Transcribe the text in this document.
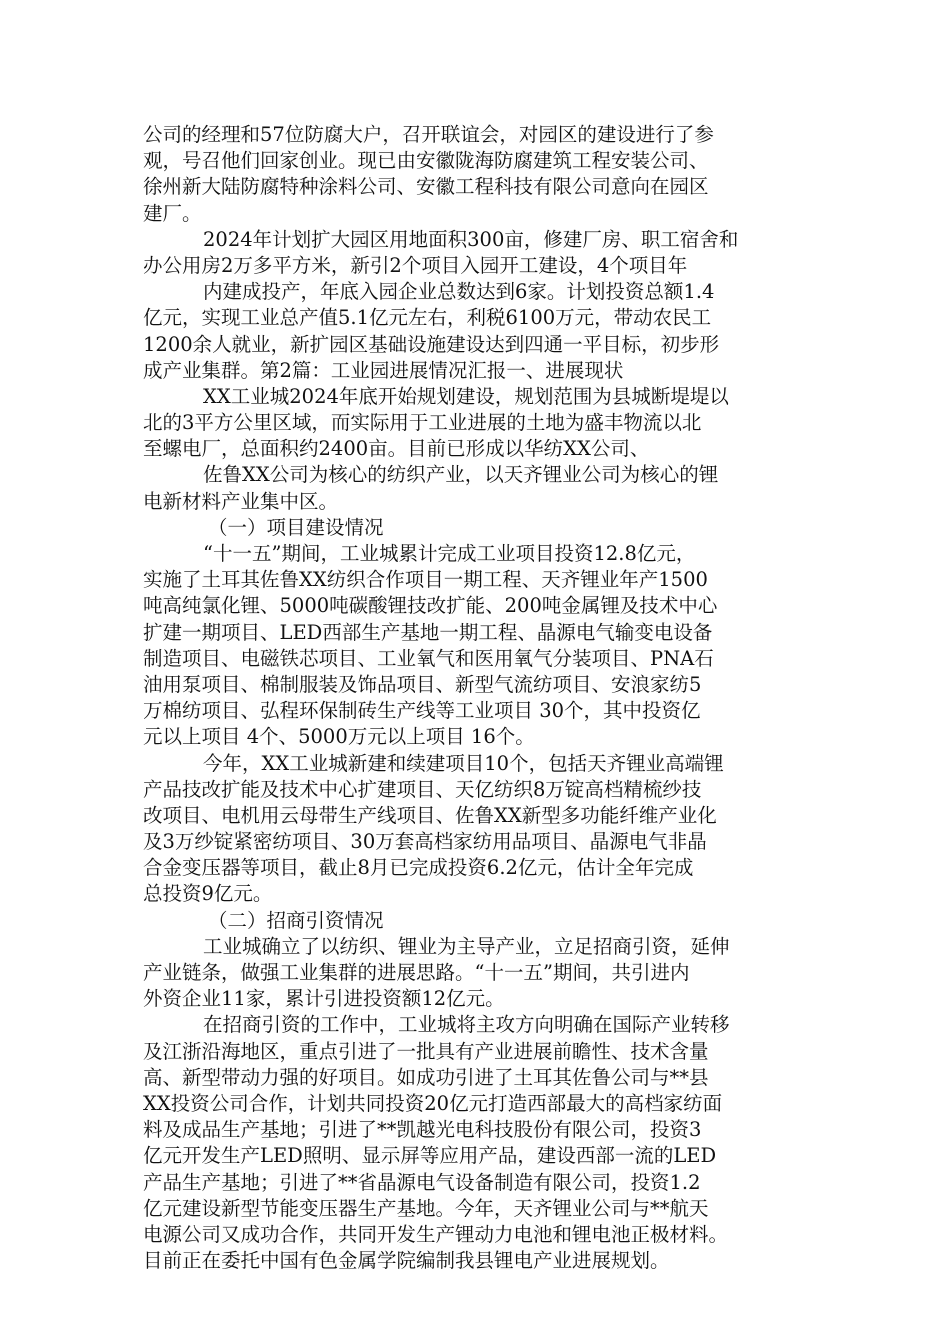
公司的经理和57位防腐大户，召开联谊会，对园区的建设进行了参
观，号召他们回家创业。现已由安徽陇海防腐建筑工程安装公司、
徐州新大陆防腐特种涂料公司、安徽工程科技有限公司意向在园区
建厂。
2024年计划扩大园区用地面积300亩，修建厂房、职工宿舍和
办公用房2万多平方米，新引2个项目入园开工建设，4个项目年
内建成投产，年底入园企业总数达到6家。计划投资总额1.4
亿元，实现工业总产值5.1亿元左右，利税6100万元，带动农民工
1200余人就业，新扩园区基础设施建设达到四通一平目标，初步形
成产业集群。第2篇：工业园进展情况汇报一、进展现状
XX工业城2024年底开始规划建设，规划范围为县城断堤堤以
北的3平方公里区域，而实际用于工业进展的土地为盛丰物流以北
至螺电厂，总面积约2400亩。目前已形成以华纺XX公司、
佐鲁XX公司为核心的纺织产业，以天齐锂业公司为核心的锂
电新材料产业集中区。
（一）项目建设情况
“十一五”期间，工业城累计完成工业项目投资12.8亿元，
实施了土耳其佐鲁XX纺织合作项目一期工程、天齐锂业年产1500
吨高纯氯化锂、5000吨碳酸锂技改扩能、200吨金属锂及技术中心
扩建一期项目、LED西部生产基地一期工程、晶源电气输变电设备
制造项目、电磁铁芯项目、工业氧气和医用氧气分装项目、PNA石
油用泵项目、棉制服装及饰品项目、新型气流纺项目、安浪家纺5
万棉纺项目、弘程环保制砖生产线等工业项目 30个，其中投资亿
元以上项目 4个、5000万元以上项目 16个。
今年，XX工业城新建和续建项目10个，包括天齐锂业高端锂
产品技改扩能及技术中心扩建项目、天亿纺织8万锭高档精梳纱技
改项目、电机用云母带生产线项目、佐鲁XX新型多功能纤维产业化
及3万纱锭紧密纺项目、30万套高档家纺用品项目、晶源电气非晶
合金变压器等项目，截止8月已完成投资6.2亿元，估计全年完成
总投资9亿元。
（二）招商引资情况
工业城确立了以纺织、锂业为主导产业，立足招商引资，延伸
产业链条，做强工业集群的进展思路。“十一五”期间，共引进内
外资企业11家，累计引进投资额12亿元。
在招商引资的工作中，工业城将主攻方向明确在国际产业转移
及江浙沿海地区，重点引进了一批具有产业进展前瞻性、技术含量
高、新型带动力强的好项目。如成功引进了土耳其佐鲁公司与**县
XX投资公司合作，计划共同投资20亿元打造西部最大的高档家纺面
料及成品生产基地；引进了**凯越光电科技股份有限公司，投资3
亿元开发生产LED照明、显示屏等应用产品，建设西部一流的LED
产品生产基地；引进了**省晶源电气设备制造有限公司，投资1.2
亿元建设新型节能变压器生产基地。今年，天齐锂业公司与**航天
电源公司又成功合作，共同开发生产锂动力电池和锂电池正极材料。
目前正在委托中国有色金属学院编制我县锂电产业进展规划。
